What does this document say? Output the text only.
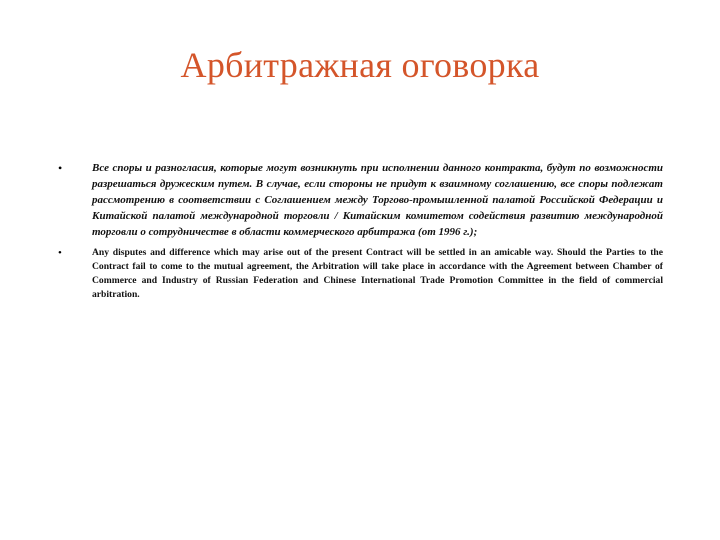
Арбитражная оговорка
•	Все споры и разногласия, которые могут возникнуть при исполнении данного контракта, будут по возможности разрешаться дружеским путем. В случае, если стороны не придут к взаимному соглашению, все споры подлежат рассмотрению в соответствии с Соглашением между Торгово-промышленной палатой Российской Федерации и Китайской палатой международной торговли / Китайским комитетом содействия развитию международной торговли о сотрудничестве в области коммерческого арбитража (от 1996 г.);
•	Any disputes and difference which may arise out of the present Contract will be settled in an amicable way. Should the Parties to the Contract fail to come to the mutual agreement, the Arbitration will take place in accordance with the Agreement between Chamber of Commerce and Industry of Russian Federation and Chinese International Trade Promotion Committee in the field of commercial arbitration.
